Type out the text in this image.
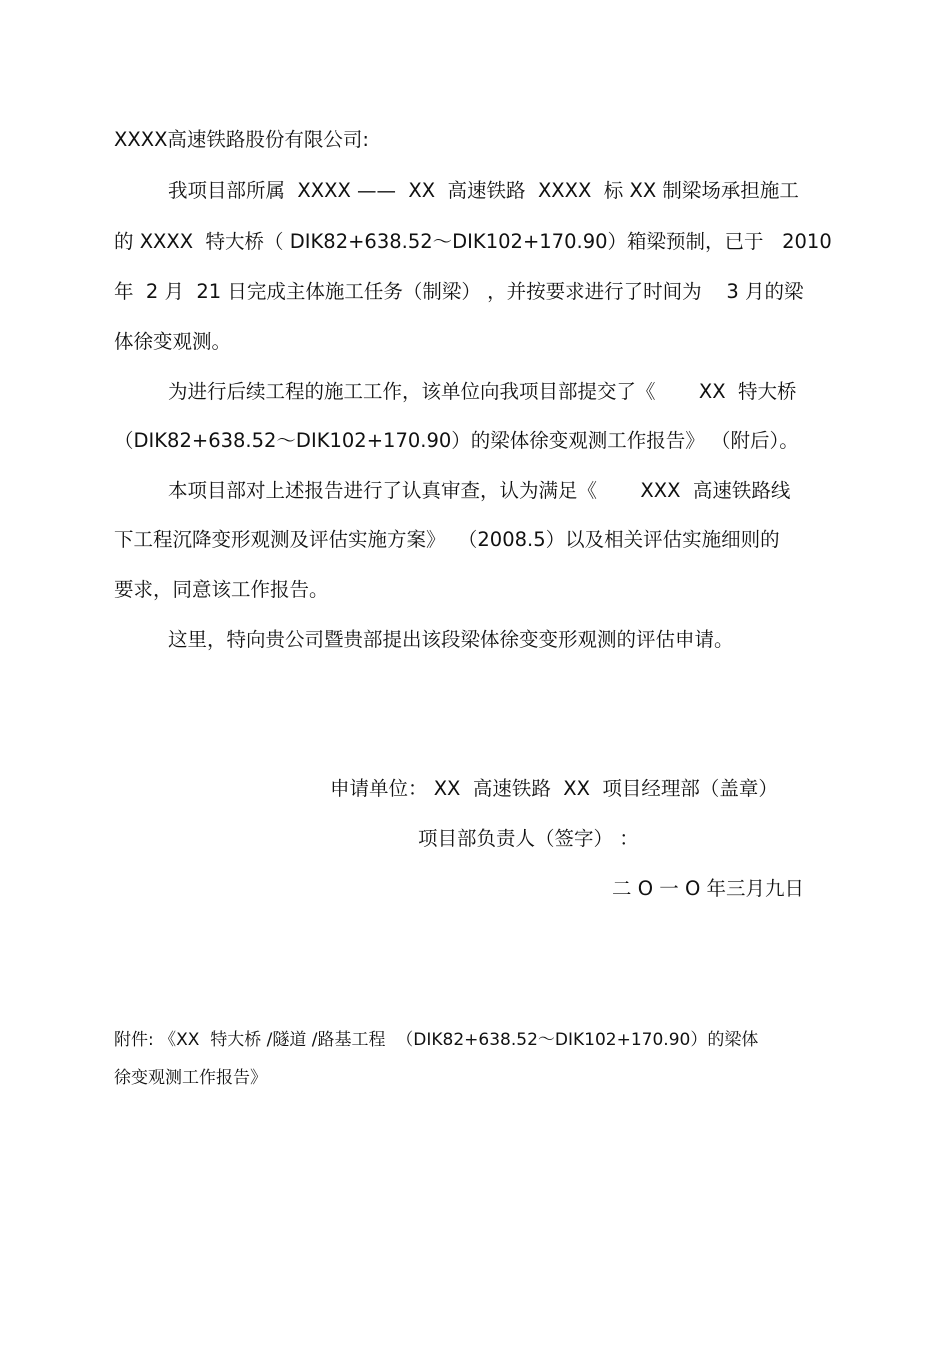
XXXX高速铁路股份有限公司:
我项目部所属  XXXX ——  XX  高速铁路  XXXX  标 XX 制梁场承担施工
的 XXXX  特大桥（ DIK82+638.52～DIK102+170.90）箱梁预制，已于   2010
年  2 月  21 日完成主体施工任务（制梁） ，并按要求进行了时间为    3 月的梁
体徐变观测。
为进行后续工程的施工工作，该单位向我项目部提交了《       XX  特大桥
（DIK82+638.52～DIK102+170.90）的梁体徐变观测工作报告》 （附后）。
本项目部对上述报告进行了认真审查，认为满足《       XXX  高速铁路线
下工程沉降变形观测及评估实施方案》  （2008.5）以及相关评估实施细则的
要求，同意该工作报告。
这里，特向贵公司暨贵部提出该段梁体徐变变形观测的评估申请。
申请单位： XX  高速铁路  XX  项目经理部（盖章）
项目部负责人（签字） ：
二 O 一 O 年三月九日
附件: 《XX  特大桥 /隧道 /路基工程  （DIK82+638.52～DIK102+170.90）的梁体
徐变观测工作报告》
